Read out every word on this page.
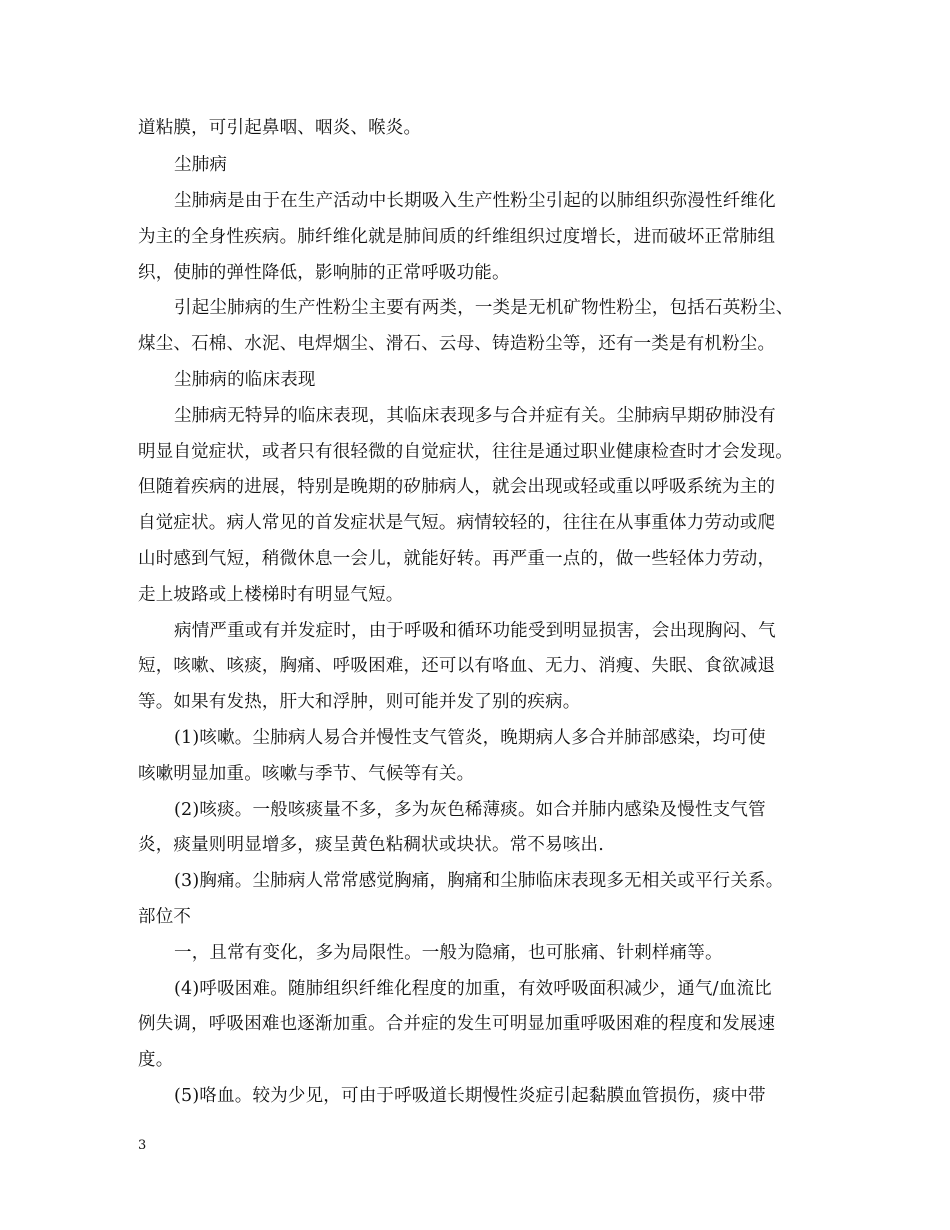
道粘膜，可引起鼻咽、咽炎、喉炎。
尘肺病
尘肺病是由于在生产活动中长期吸入生产性粉尘引起的以肺组织弥漫性纤维化
为主的全身性疾病。肺纤维化就是肺间质的纤维组织过度增长，进而破坏正常肺组
织，使肺的弹性降低，影响肺的正常呼吸功能。
引起尘肺病的生产性粉尘主要有两类，一类是无机矿物性粉尘，包括石英粉尘、
煤尘、石棉、水泥、电焊烟尘、滑石、云母、铸造粉尘等，还有一类是有机粉尘。
尘肺病的临床表现
尘肺病无特异的临床表现，其临床表现多与合并症有关。尘肺病早期矽肺没有
明显自觉症状，或者只有很轻微的自觉症状，往往是通过职业健康检查时才会发现。
但随着疾病的进展，特别是晚期的矽肺病人，就会出现或轻或重以呼吸系统为主的
自觉症状。病人常见的首发症状是气短。病情较轻的，往往在从事重体力劳动或爬
山时感到气短，稍微休息一会儿，就能好转。再严重一点的，做一些轻体力劳动，
走上坡路或上楼梯时有明显气短。
病情严重或有并发症时，由于呼吸和循环功能受到明显损害，会出现胸闷、气
短，咳嗽、咳痰，胸痛、呼吸困难，还可以有咯血、无力、消瘦、失眠、食欲减退
等。如果有发热，肝大和浮肿，则可能并发了别的疾病。
(1)咳嗽。尘肺病人易合并慢性支气管炎，晚期病人多合并肺部感染，均可使
咳嗽明显加重。咳嗽与季节、气候等有关。
(2)咳痰。一般咳痰量不多，多为灰色稀薄痰。如合并肺内感染及慢性支气管
炎，痰量则明显增多，痰呈黄色粘稠状或块状。常不易咳出.
(3)胸痛。尘肺病人常常感觉胸痛，胸痛和尘肺临床表现多无相关或平行关系。
部位不
一，且常有变化，多为局限性。一般为隐痛，也可胀痛、针刺样痛等。
(4)呼吸困难。随肺组织纤维化程度的加重，有效呼吸面积减少，通气/血流比
例失调，呼吸困难也逐渐加重。合并症的发生可明显加重呼吸困难的程度和发展速
度。
(5)咯血。较为少见，可由于呼吸道长期慢性炎症引起黏膜血管损伤，痰中带
3
